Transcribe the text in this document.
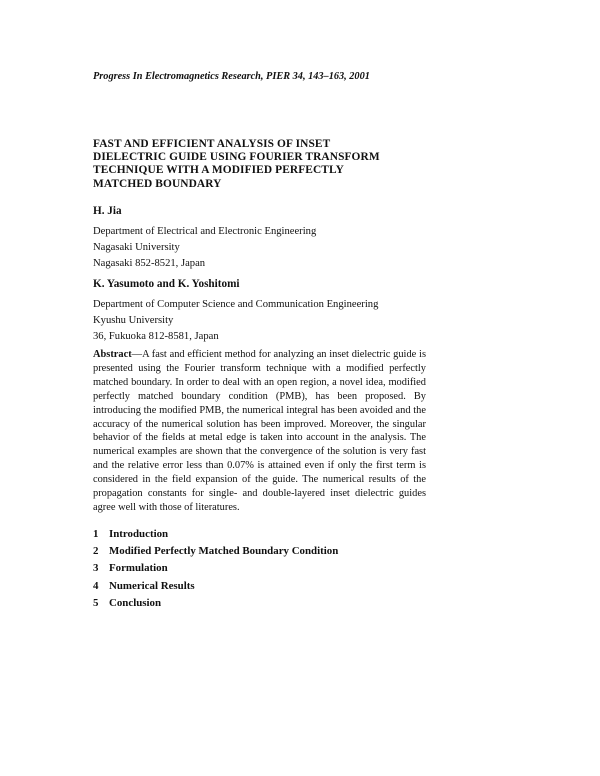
Progress In Electromagnetics Research, PIER 34, 143–163, 2001
FAST AND EFFICIENT ANALYSIS OF INSET
DIELECTRIC GUIDE USING FOURIER TRANSFORM
TECHNIQUE WITH A MODIFIED PERFECTLY
MATCHED BOUNDARY
H. Jia
Department of Electrical and Electronic Engineering
Nagasaki University
Nagasaki 852-8521, Japan
K. Yasumoto and K. Yoshitomi
Department of Computer Science and Communication Engineering
Kyushu University
36, Fukuoka 812-8581, Japan

Abstract—A fast and efficient method for analyzing an inset dielectric guide is presented using the Fourier transform technique with a modified perfectly matched boundary. In order to deal with an open region, a novel idea, modified perfectly matched boundary condition (PMB), has been proposed. By introducing the modified PMB, the numerical integral has been avoided and the accuracy of the numerical solution has been improved. Moreover, the singular behavior of the fields at metal edge is taken into account in the analysis. The numerical examples are shown that the convergence of the solution is very fast and the relative error less than 0.07% is attained even if only the first term is considered in the field expansion of the guide. The numerical results of the propagation constants for single- and double-layered inset dielectric guides agree well with those of literatures.

1 Introduction
2 Modified Perfectly Matched Boundary Condition
3 Formulation
4 Numerical Results
5 Conclusion
